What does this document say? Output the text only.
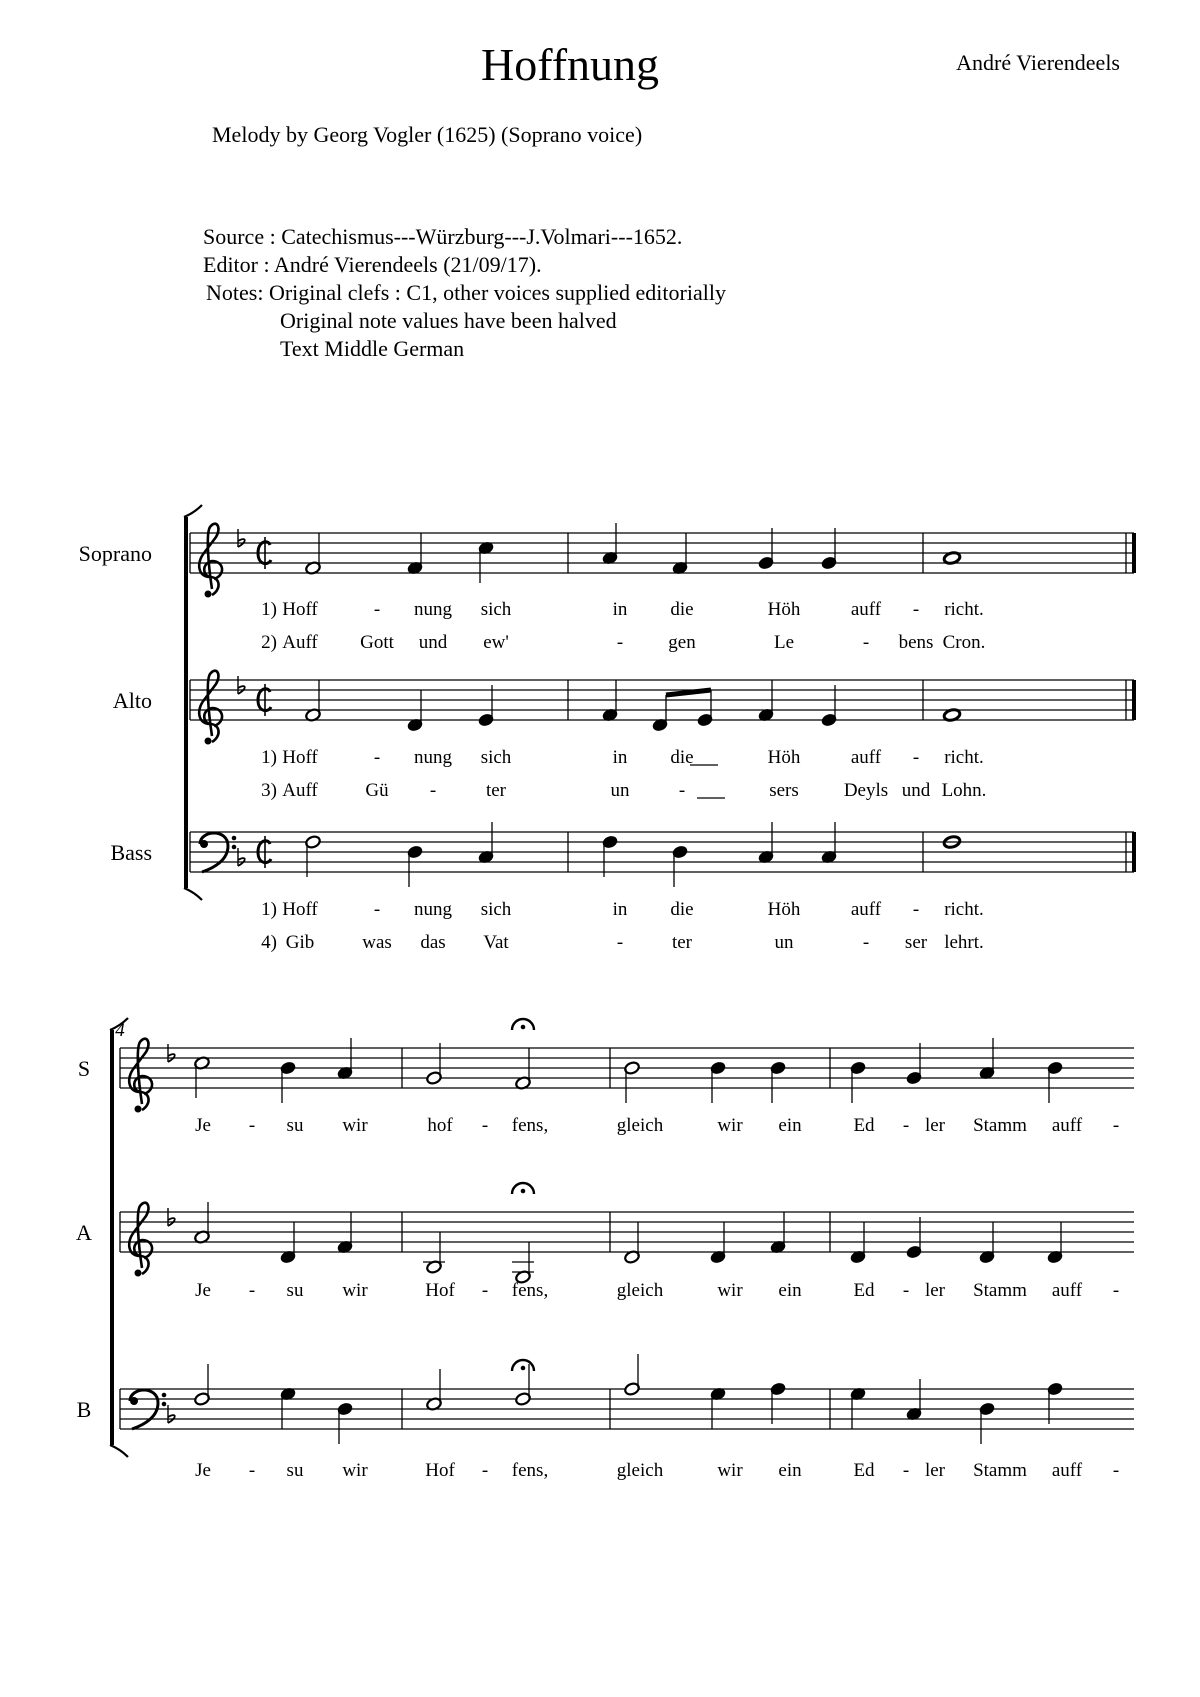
Hoffnung	André Vierendeels
Melody by Georg Vogler (1625) (Soprano voice)
Source : Catechismus---Würzburg---J.Volmari---1652.
Editor : André Vierendeels (21/09/17).
Notes: Original clefs : C1, other voices supplied editorially
Original note values have been halved
Text Middle German
Soprano
Alto
Bass
1) Hoff	- nung sich	in die	Höh	auff - richt.
2) Auff Gott und ew'	- gen	Le	- bens Cron.
1) Hoff	- nung sich	in die	Höh	auff - richt.
3) Auff	Gü -	ter	un	-	sers Deyls und Lohn.
1) Hoff	- nung sich	in die	Höh	auff - richt.
4) Gib	was das Vat	-	ter	un	- ser lehrt.
4
S
A
B
Je - su wir	hof - fens,	gleich	wir ein	Ed - ler Stamm auff -
Je - su wir	Hof - fens,	gleich	wir ein	Ed - ler Stamm auff -
Je - su wir	Hof - fens,	gleich	wir ein	Ed - ler Stamm auff -
